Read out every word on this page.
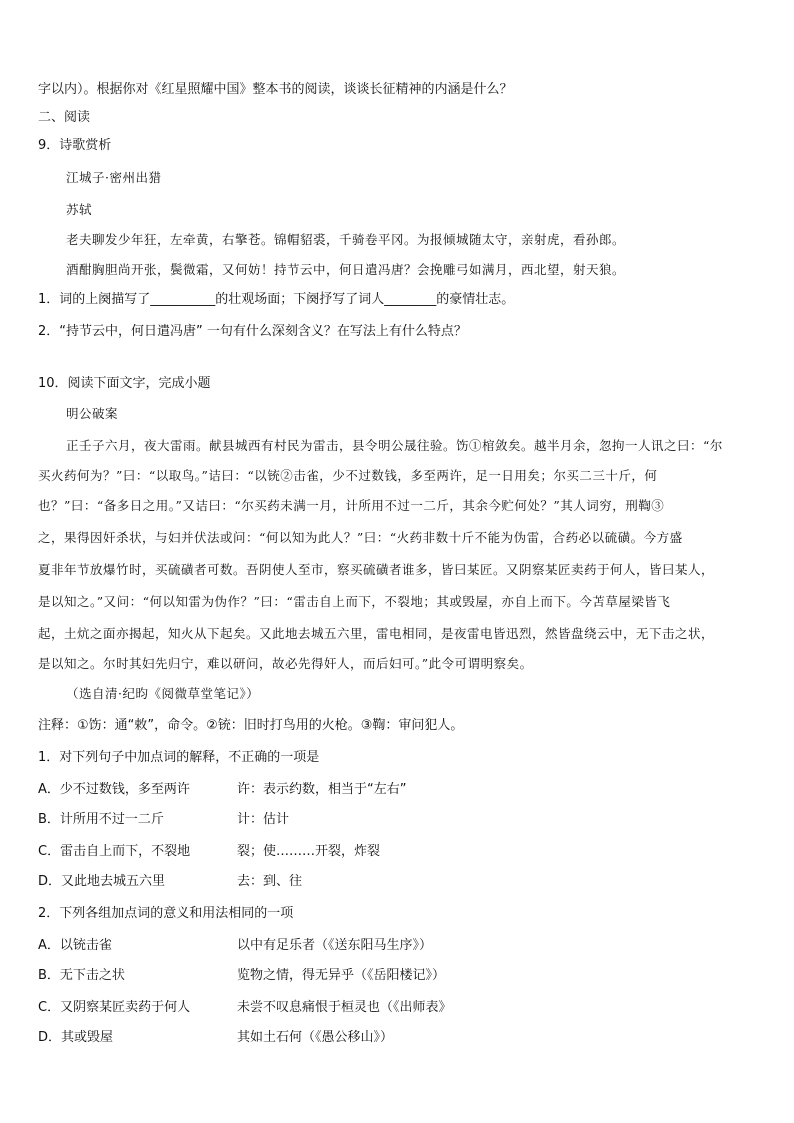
字以内）。根据你对《红星照耀中国》整本书的阅读，谈谈长征精神的内涵是什么？
二、阅读
9．诗歌赏析
江城子·密州出猎
苏轼
老夫聊发少年狂，左牵黄，右擎苍。锦帽貂裘，千骑卷平冈。为报倾城随太守，亲射虎，看孙郎。
酒酣胸胆尚开张，鬓微霜，又何妨！持节云中，何日遣冯唐？会挽雕弓如满月，西北望，射天狼。
1．词的上阕描写了__________的壮观场面；下阕抒写了词人________的豪情壮志。
2．“持节云中，何日遣冯唐” 一句有什么深刻含义？在写法上有什么特点？
10．阅读下面文字，完成小题
明公破案
正壬子六月，夜大雷雨。献县城西有村民为雷击，县令明公晟往验。饬①棺敛矣。越半月余，忽拘一人讯之曰：“尔
买火药何为？”曰：“以取鸟。”诘曰：“以铳②击雀，少不过数钱，多至两许，足一日用矣；尔买二三十斤，何
也？”曰：“备多日之用。”又诘曰：“尔买药未满一月，计所用不过一二斤，其余今贮何处？”其人词穷，刑鞫③
之，果得因奸杀状，与妇并伏法或问：“何以知为此人？”曰：“火药非数十斤不能为伪雷，合药必以硫磺。今方盛
夏非年节放爆竹时，买硫磺者可数。吾阴使人至市，察买硫磺者谁多，皆曰某匠。又阴察某匠卖药于何人，皆曰某人，
是以知之。”又问：“何以知雷为伪作？”曰：“雷击自上而下，不裂地；其或毁屋，亦自上而下。今苫草屋梁皆飞
起，土炕之面亦揭起，知火从下起矣。又此地去城五六里，雷电相同，是夜雷电皆迅烈，然皆盘绕云中，无下击之状，
是以知之。尔时其妇先归宁，难以研问，故必先得奸人，而后妇可。”此令可谓明察矣。
（选自清·纪昀《阅微草堂笔记》）
注释：①饬：通“敕”，命令。②铳：旧时打鸟用的火枪。③鞫：审问犯人。
1．对下列句子中加点词的解释，不正确的一项是
A．少不过数钱，多至两许	许：表示约数，相当于“左右”
B．计所用不过一二斤	计：估计
C．雷击自上而下，不裂地	裂；使………开裂，炸裂
D．又此地去城五六里	去：到、往
2．下列各组加点词的意义和用法相同的一项
A．以铳击雀	以中有足乐者（《送东阳马生序》）
B．无下击之状	览物之情，得无异乎（《岳阳楼记》）
C．又阴察某匠卖药于何人	未尝不叹息痛恨于桓灵也（《出师表》
D．其或毁屋	其如土石何（《愚公移山》）
